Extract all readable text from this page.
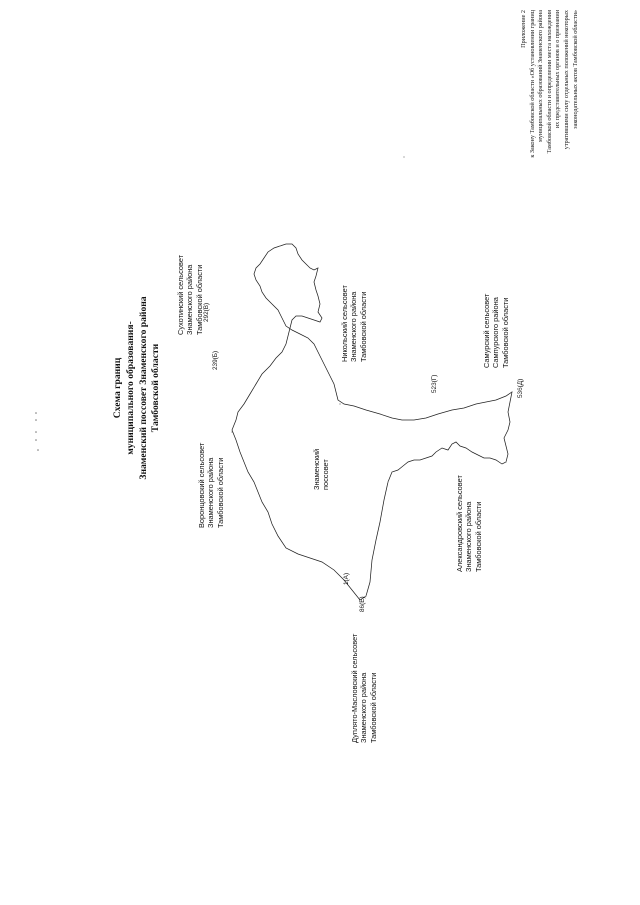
Приложение 2 к Закону Тамбовской области «Об установлении границ муниципальных образований Знаменского района Тамбовской области и определении места нахождения их представительных органов и о признании утратившими силу отдельных положений некоторых законодательных актов Тамбовской области»
Схема границ муниципального образования- Знаменский поссовет Знаменского района Тамбовской области
Сухотинский сельсовет Знаменского района Тамбовской области
Воронцовский сельсовет Знаменского района Тамбовской области	Знаменский поссовет
Никольский сельсовет Знаменского района Тамбовской области	Самурский сельсовет Сампурского района Тамбовской области
Александровский сельсовет Знаменского района Тамбовской области
Дуплято-Масловский сельсовет Знаменского района Тамбовской области
239(Б)
292(В)
523(Г)	536(Д)
1(А)
86(Е)
